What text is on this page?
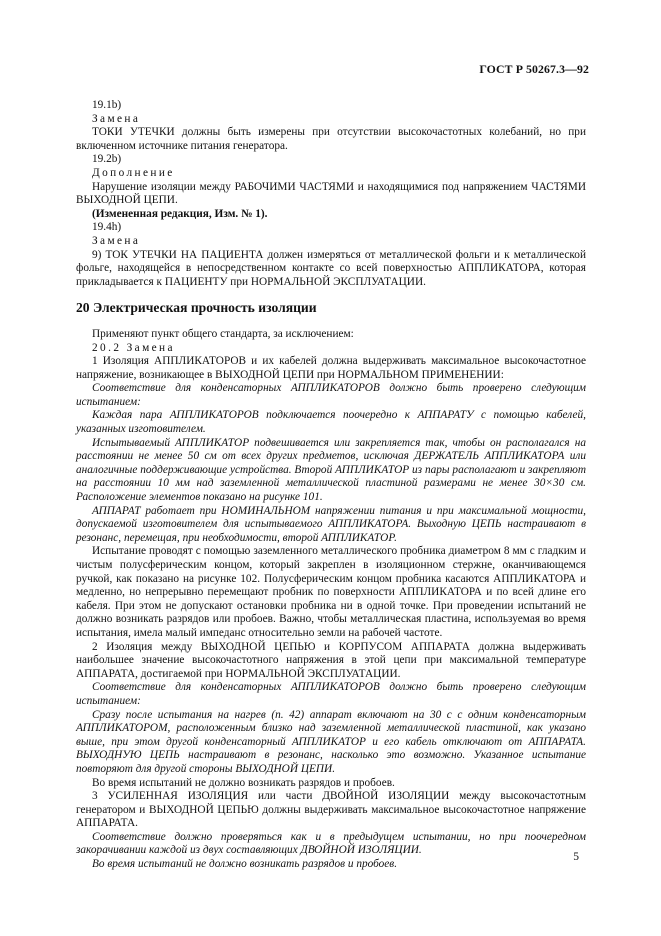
ГОСТ Р 50267.3—92

19.1b)

Замена

ТОКИ УТЕЧКИ должны быть измерены при отсутствии высокочастотных колебаний, но при включенном источнике питания генератора.

19.2b)

Дополнение

Нарушение изоляции между РАБОЧИМИ ЧАСТЯМИ и находящимися под напряжением ЧАСТЯМИ ВЫХОДНОЙ ЦЕПИ.

(Измененная редакция, Изм. № 1).

19.4h)

Замена

9) ТОК УТЕЧКИ НА ПАЦИЕНТА должен измеряться от металлической фольги и к металлической фольге, находящейся в непосредственном контакте со всей поверхностью АППЛИКАТОРА, которая прикладывается к ПАЦИЕНТУ при НОРМАЛЬНОЙ ЭКСПЛУАТАЦИИ.

20 Электрическая прочность изоляции

Применяют пункт общего стандарта, за исключением:

20.2 Замена

1 Изоляция АППЛИКАТОРОВ и их кабелей должна выдерживать максимальное высокочастотное напряжение, возникающее в ВЫХОДНОЙ ЦЕПИ при НОРМАЛЬНОМ ПРИМЕНЕНИИ:

Соответствие для конденсаторных АППЛИКАТОРОВ должно быть проверено следующим испытанием:

Каждая пара АППЛИКАТОРОВ подключается поочередно к АППАРАТУ с помощью кабелей, указанных изготовителем.

Испытываемый АППЛИКАТОР подвешивается или закрепляется так, чтобы он располагался на расстоянии не менее 50 см от всех других предметов, исключая ДЕРЖАТЕЛЬ АППЛИКАТОРА или аналогичные поддерживающие устройства. Второй АППЛИКАТОР из пары располагают и закрепляют на расстоянии 10 мм над заземленной металлической пластиной размерами не менее 30×30 см. Расположение элементов показано на рисунке 101.

АППАРАТ работает при НОМИНАЛЬНОМ напряжении питания и при максимальной мощности, допускаемой изготовителем для испытываемого АППЛИКАТОРА. Выходную ЦЕПЬ настраивают в резонанс, перемещая, при необходимости, второй АППЛИКАТОР.

Испытание проводят с помощью заземленного металлического пробника диаметром 8 мм с гладким и чистым полусферическим концом, который закреплен в изоляционном стержне, оканчивающемся ручкой, как показано на рисунке 102. Полусферическим концом пробника касаются АППЛИКАТОРА и медленно, но непрерывно перемещают пробник по поверхности АППЛИКАТОРА и по всей длине его кабеля. При этом не допускают остановки пробника ни в одной точке. При проведении испытаний не должно возникать разрядов или пробоев. Важно, чтобы металлическая пластина, используемая во время испытания, имела малый импеданс относительно земли на рабочей частоте.

2 Изоляция между ВЫХОДНОЙ ЦЕПЬЮ и КОРПУСОМ АППАРАТА должна выдерживать наибольшее значение высокочастотного напряжения в этой цепи при максимальной температуре АППАРАТА, достигаемой при НОРМАЛЬНОЙ ЭКСПЛУАТАЦИИ.

Соответствие для конденсаторных АППЛИКАТОРОВ должно быть проверено следующим испытанием:

Сразу после испытания на нагрев (п. 42) аппарат включают на 30 с с одним конденсаторным АППЛИКАТОРОМ, расположенным близко над заземленной металлической пластиной, как указано выше, при этом другой конденсаторный АППЛИКАТОР и его кабель отключают от АППАРАТА. ВЫХОДНУЮ ЦЕПЬ настраивают в резонанс, насколько это возможно. Указанное испытание повторяют для другой стороны ВЫХОДНОЙ ЦЕПИ.

Во время испытаний не должно возникать разрядов и пробоев.

3 УСИЛЕННАЯ ИЗОЛЯЦИЯ или части ДВОЙНОЙ ИЗОЛЯЦИИ между высокочастотным генератором и ВЫХОДНОЙ ЦЕПЬЮ должны выдерживать максимальное высокочастотное напряжение АППАРАТА.

Соответствие должно проверяться как и в предыдущем испытании, но при поочередном закорачивании каждой из двух составляющих ДВОЙНОЙ ИЗОЛЯЦИИ.

Во время испытаний не должно возникать разрядов и пробоев.

5
